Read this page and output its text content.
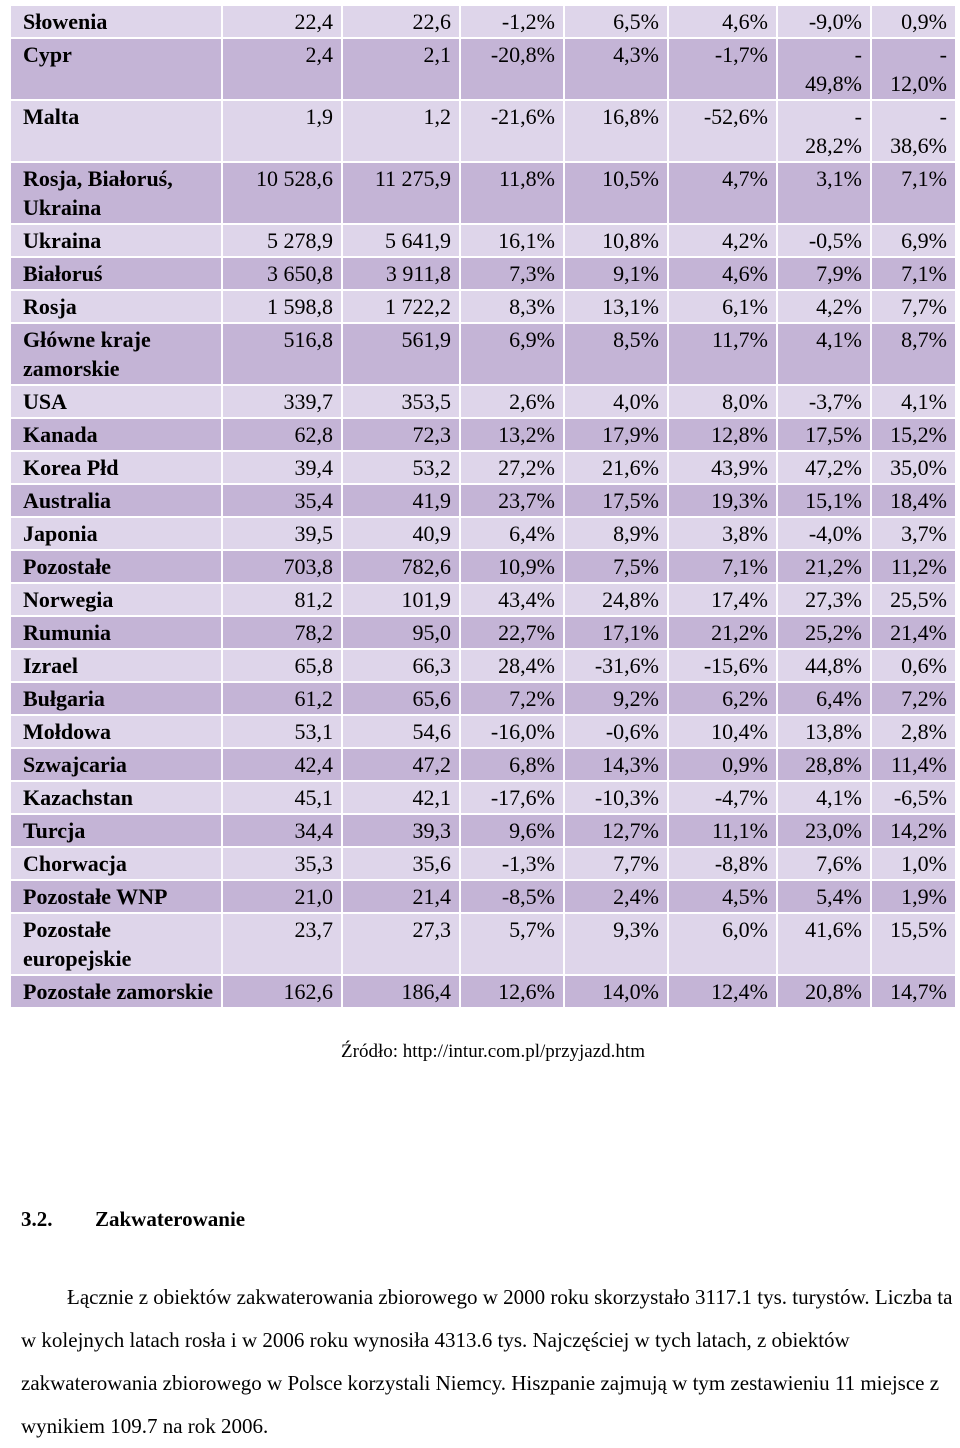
Słowenia	22,4	22,6	-1,2%	6,5%	4,6%	-9,0%	0,9%
Cypr	2,4	2,1	-20,8%	4,3%	-1,7%	- 49,8%	- 12,0%
Malta	1,9	1,2	-21,6%	16,8%	-52,6%	- 28,2%	- 38,6%
Rosja, Białoruś, Ukraina	10 528,6	11 275,9	11,8%	10,5%	4,7%	3,1%	7,1%
Ukraina	5 278,9	5 641,9	16,1%	10,8%	4,2%	-0,5%	6,9%
Białoruś	3 650,8	3 911,8	7,3%	9,1%	4,6%	7,9%	7,1%
Rosja	1 598,8	1 722,2	8,3%	13,1%	6,1%	4,2%	7,7%
Główne kraje zamorskie	516,8	561,9	6,9%	8,5%	11,7%	4,1%	8,7%
USA	339,7	353,5	2,6%	4,0%	8,0%	-3,7%	4,1%
Kanada	62,8	72,3	13,2%	17,9%	12,8%	17,5%	15,2%
Korea Płd	39,4	53,2	27,2%	21,6%	43,9%	47,2%	35,0%
Australia	35,4	41,9	23,7%	17,5%	19,3%	15,1%	18,4%
Japonia	39,5	40,9	6,4%	8,9%	3,8%	-4,0%	3,7%
Pozostałe	703,8	782,6	10,9%	7,5%	7,1%	21,2%	11,2%
Norwegia	81,2	101,9	43,4%	24,8%	17,4%	27,3%	25,5%
Rumunia	78,2	95,0	22,7%	17,1%	21,2%	25,2%	21,4%
Izrael	65,8	66,3	28,4%	-31,6%	-15,6%	44,8%	0,6%
Bułgaria	61,2	65,6	7,2%	9,2%	6,2%	6,4%	7,2%
Mołdowa	53,1	54,6	-16,0%	-0,6%	10,4%	13,8%	2,8%
Szwajcaria	42,4	47,2	6,8%	14,3%	0,9%	28,8%	11,4%
Kazachstan	45,1	42,1	-17,6%	-10,3%	-4,7%	4,1%	-6,5%
Turcja	34,4	39,3	9,6%	12,7%	11,1%	23,0%	14,2%
Chorwacja	35,3	35,6	-1,3%	7,7%	-8,8%	7,6%	1,0%
Pozostałe WNP	21,0	21,4	-8,5%	2,4%	4,5%	5,4%	1,9%
Pozostałe europejskie	23,7	27,3	5,7%	9,3%	6,0%	41,6%	15,5%
Pozostałe zamorskie	162,6	186,4	12,6%	14,0%	12,4%	20,8%	14,7%
Źródło: http://intur.com.pl/przyjazd.htm
3.2. Zakwaterowanie
Łącznie z obiektów zakwaterowania zbiorowego w 2000 roku skorzystało 3117.1 tys. turystów. Liczba ta w kolejnych latach rosła i w 2006 roku wynosiła 4313.6 tys. Najczęściej w tych latach, z obiektów zakwaterowania zbiorowego w Polsce korzystali Niemcy. Hiszpanie zajmują w tym zestawieniu 11 miejsce z wynikiem 109.7 na rok 2006.
